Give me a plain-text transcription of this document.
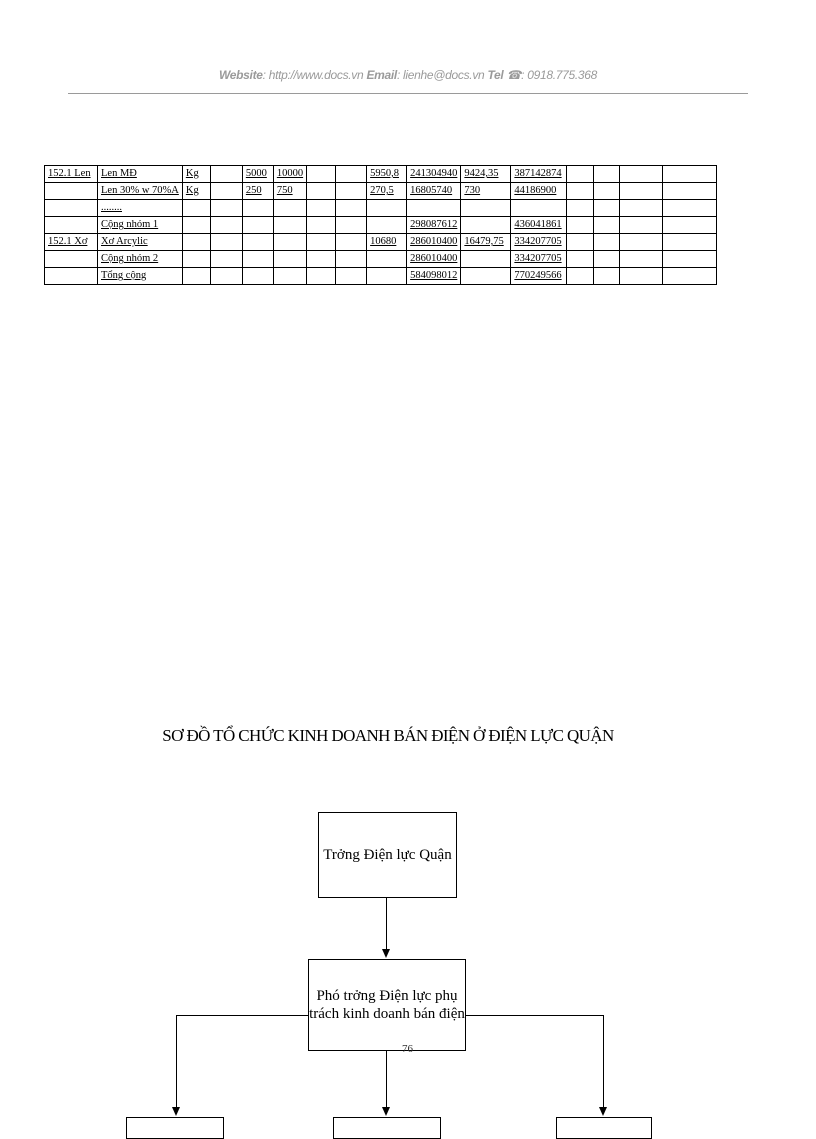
Website: http://www.docs.vn Email: lienhe@docs.vn Tel ☎: 0918.775.368
152.1 Len	Len MĐ	Kg		5000	10000			5950,8	241304940	9424,35	387142874				
	Len 30% w 70%A	Kg		250	750			270,5	16805740	730	44186900				
	........														
	Cộng nhóm 1								298087612		436041861				
152.1 Xơ	Xơ Arcylic							10680	286010400	16479,75	334207705				
	Cộng nhóm 2								286010400		334207705				
	Tổng cộng								584098012		770249566				
SƠ ĐỒ TỔ CHỨC KINH DOANH BÁN ĐIỆN Ở ĐIỆN LỰC QUẬN
Trởng Điện lực Quận
Phó trởng Điện lực phụ
trách kinh doanh bán điện
76
